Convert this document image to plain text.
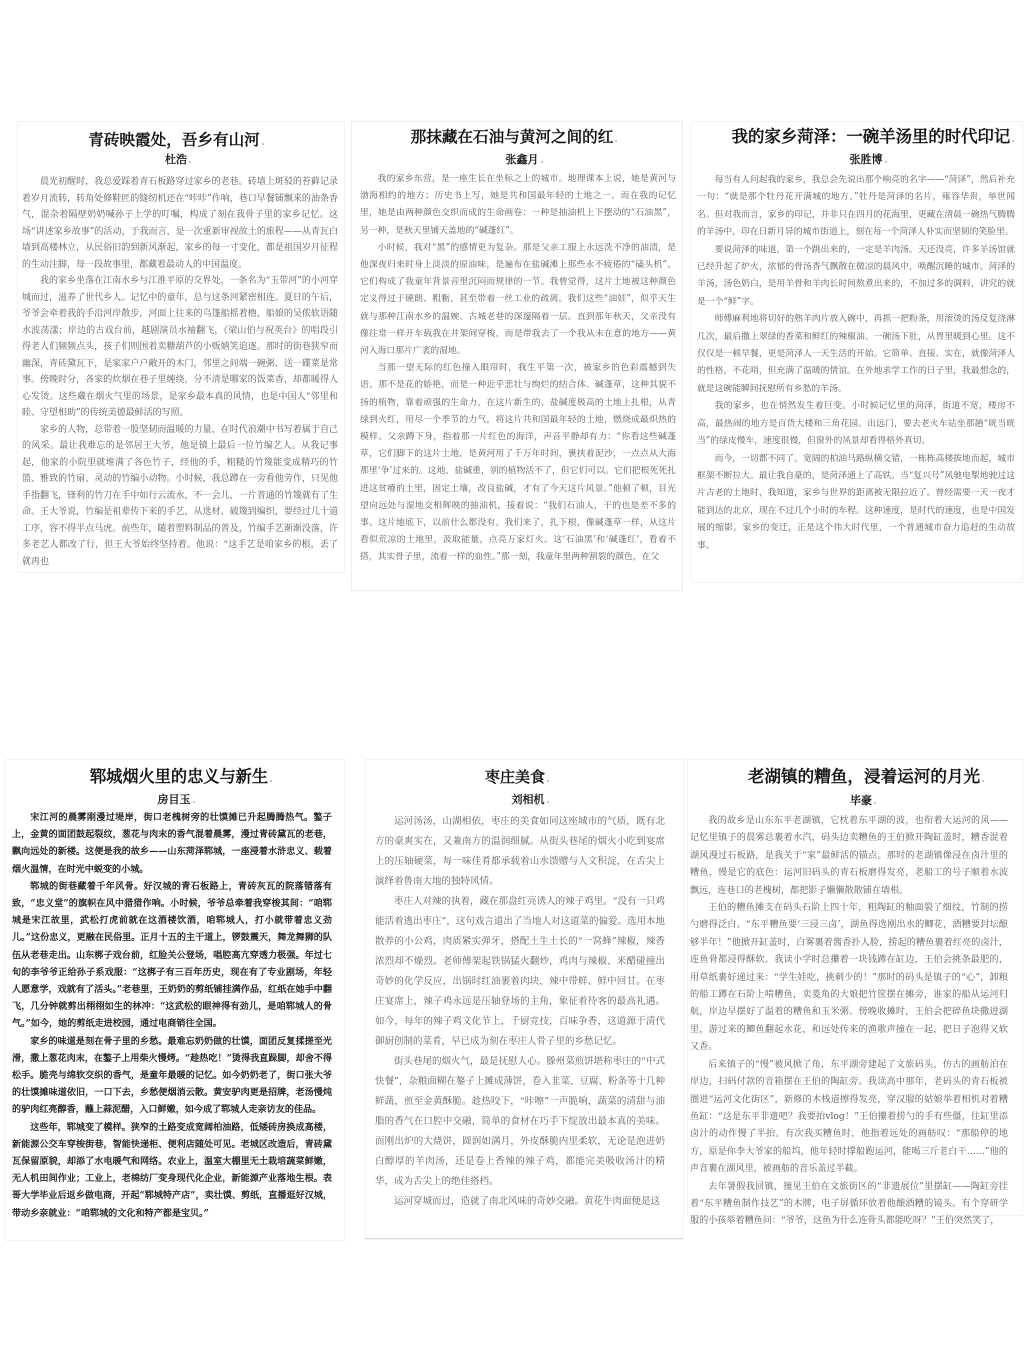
青砖映霞处，吾乡有山河
杜浩

晨光初醒时，我总爱踩着青石板路穿过家乡的老巷。砖墙上斑驳的苔藓记录着岁月流转，转角处修鞋匠的缝纫机还在“咔咔”作响，巷口早餐铺飘来的油条香气，混杂着隔壁奶奶喊孙子上学的叮嘱，构成了刻在我骨子里的家乡记忆。这场“讲述家乡故事”的活动，于我而言，是一次重新审视故土的旅程——从青瓦白墙到高楼林立，从民俗旧韵到新风渐起，家乡的每一寸变化，都是祖国岁月征程的生动注脚，每一段故事里，都藏着最动人的中国温度。

我的家乡坐落在江南水乡与江淮平原的交界处，一条名为“玉带河”的小河穿城而过，滋养了世代乡人。记忆中的童年，总与这条河紧密相连。夏日的午后，爷爷会牵着我的手沿河岸散步，河面上往来的乌篷船摇着橹，船娘的吴侬软语随水波荡漾；岸边的古戏台前，越剧演员水袖翻飞，《梁山伯与祝英台》的唱段引得老人们频频点头，孩子们则围着卖糖葫芦的小贩嬉笑追逐。那时的街巷狭窄而幽深，青砖黛瓦下，是家家户户敞开的木门，邻里之间端一碗粥、送一碟菜是常事。傍晚时分，各家的炊烟在巷子里缠绕，分不清是哪家的饭菜香，却都暖得人心发烫。这些藏在烟火气里的场景，是家乡最本真的风情，也是中国人“邻里和睦、守望相助”的传统美德最鲜活的写照。

家乡的人物，总带着一股坚韧而温暖的力量，在时代浪潮中书写着属于自己的风采。最让我难忘的是邻居王大爷，他是镇上最后一位竹编艺人。从我记事起，他家的小院里就堆满了各色竹子，经他的手，粗糙的竹篾能变成精巧的竹篮、雅致的竹扇、灵动的竹编小动物。小时候，我总蹲在一旁看他劳作，只见他手指翻飞，锋利的竹刀在手中如行云流水，不一会儿，一片普通的竹篾就有了生命。王大爷说，竹编是祖辈传下来的手艺，从选材、破篾到编织，要经过几十道工序，容不得半点马虎。前些年，随着塑料制品的普及，竹编手艺渐渐没落，许多老艺人都改了行，但王大爷始终坚持着。他说：“这手艺是咱家乡的根，丢了就再也

那抹藏在石油与黄河之间的红
张鑫月

我的家乡东营，是一座生长在坐标之上的城市。地理课本上说，她是黄河与渤海相约的地方；历史书上写，她是共和国最年轻的土地之一。而在我的记忆里，她是由两种颜色交织而成的生命画卷：一种是抽油机上下摆动的“石油黑”，另一种，是秋天里铺天盖地的“碱蓬红”。

小时候，我对“黑”的感情更为复杂。那是父亲工服上永远洗不净的油渍，是他深夜归来时身上淡淡的原油味，是遍布在盐碱滩上那些永不疲倦的“磕头机”。它们构成了我童年背景音里沉闷而规律的一节。我曾觉得，这片土地被这种颜色定义得过于硬朗、粗粝，甚至带着一丝工业的疏离。我们这些“油娃”，似乎天生就与那种江南水乡的温婉、古城老巷的深邃隔着一层。直到那年秋天，父亲没有像往常一样开车载我在井架间穿梭，而是带我去了一个我从未在意的地方——黄河入海口那片广袤的湿地。

当那一望无际的红色撞入眼帘时，我生平第一次，被家乡的色彩震撼到失语。那不是花的娇艳，而是一种近乎悲壮与绚烂的结合体。碱蓬草，这种其貌不扬的植物，靠着顽强的生命力，在这片新生的、盐碱度极高的土地上扎根，从青绿到火红，用尽一个季节的力气，将这片共和国最年轻的土地，燃烧成最炽热的模样。父亲蹲下身，指着那一片红色的海洋，声音平静却有力：“你看这些碱蓬草，它们脚下的这片土地，是黄河用了千万年时间，裹挟着泥沙，一点点从大海那里‘争’过来的。这地，盐碱重，别的植物活不了，但它们可以。它们把根死死扎进这贫瘠的土里，固定土壤，改良盐碱，才有了今天这片风景。”他顿了顿，目光望向远处与湿地交相辉映的抽油机，接着说：“我们石油人，干的也是差不多的事。这片地底下，以前什么都没有。我们来了，扎下根，像碱蓬草一样，从这片看似荒凉的土地里，汲取能量，点亮万家灯火。这‘石油黑’和‘碱蓬红’，看着不搭，其实骨子里，流着一样的血性。”那一刻，我童年里两种割裂的颜色，在父

我的家乡菏泽：一碗羊汤里的时代印记
张胜博

每当有人问起我的家乡，我总会先说出那个响亮的名字——“菏泽”，然后补充一句：“就是那个牡丹花开满城的地方。”牡丹是菏泽的名片，雍容华贵，举世闻名。但对我而言，家乡的印记，并非只在四月的花海里，更藏在清晨一碗热气腾腾的羊汤中，印在日新月异的城市街道上，刻在每一个菏泽人朴实而坚韧的笑脸里。

要说菏泽的味道，第一个跳出来的，一定是羊肉汤。天还没亮，许多羊汤馆就已经升起了炉火，浓郁的骨汤香气飘散在微凉的晨风中，唤醒沉睡的城市。菏泽的羊汤，汤色奶白，是用羊骨和羊肉长时间熬煮出来的，不加过多的调料，讲究的就是一个“鲜”字。

师傅麻利地将切好的熟羊肉片放入碗中，再抓一把粉条，用滚烫的汤反复浇淋几次，最后撒上翠绿的香菜和鲜红的辣椒油。一碗汤下肚，从胃里暖到心里。这不仅仅是一顿早餐，更是菏泽人一天生活的开始。它简单、直接、实在，就像菏泽人的性格，不花哨，但充满了温暖的情谊。在外地求学工作的日子里，我最想念的，就是这碗能瞬间抚慰所有乡愁的羊汤。

我的家乡，也在悄然发生着巨变。小时候记忆里的菏泽，街道不宽，楼房不高，最热闹的地方是百货大楼和三角花园。出远门，要去老火车站坐那趟“咣当咣当”的绿皮慢车，速度很慢，但窗外的风景却看得格外真切。

而今，一切都不同了。宽阔的柏油马路纵横交错，一栋栋高楼拔地而起，城市框架不断拉大。最让我自豪的，是菏泽通上了高铁。当“复兴号”风驰电掣地驶过这片古老的土地时，我知道，家乡与世界的距离被无限拉近了。曾经需要一天一夜才能到达的北京，现在不过几个小时的车程。这种速度，是时代的速度，也是中国发展的缩影。家乡的变迁，正是这个伟大时代里，一个普通城市奋力追赶的生动故事。

郓城烟火里的忠义与新生
房目玉

宋江河的晨雾刚漫过堤岸，街口老槐树旁的壮馍摊已升起腾腾热气。鏊子上，金黄的面团鼓起裂纹，葱花与肉末的香气混着晨雾，漫过青砖黛瓦的老巷，飘向远处的新楼。这便是我的故乡——山东菏泽郓城，一座浸着水浒忠义、载着烟火温情，在时光中蜕变的小城。

郓城的街巷藏着千年风骨。好汉城的青石板路上，青砖灰瓦的院落错落有致，“忠义堂”的旗帜在风中猎猎作响。小时候，爷爷总牵着我穿梭其间：“咱郓城是宋江故里，武松打虎前就在这酒楼饮酒，咱郓城人，打小就带着忠义劲儿。”这份忠义，更融在民俗里。正月十五的主干道上，锣鼓震天，舞龙舞狮的队伍从老巷走出。山东梆子戏台前，红脸关公登场，唱腔高亢穿透力极强。年过七旬的李爷爷正给孙子系戏服：“这梆子有三百年历史，现在有了专业剧场，年轻人愿意学，戏就有了活头。”老巷里，王奶奶的剪纸铺挂满作品，红纸在她手中翻飞，几分钟就剪出栩栩如生的林冲：“这武松的眼神得有劲儿，是咱郓城人的骨气。”如今，她的剪纸走进校园，通过电商销往全国。

家乡的味道是刻在骨子里的乡愁。最难忘奶奶做的壮馍，面团反复揉搓至光滑，撒上葱花肉末，在鏊子上用柴火慢烤。“趁热吃！”烫得我直跺脚，却舍不得松手。脆壳与绵软交织的香气，是童年最暖的记忆。如今奶奶老了，街口张大爷的壮馍摊味道依旧，一口下去，乡愁便烟消云散。黄安驴肉更是招牌，老汤慢炖的驴肉红亮醇香，蘸上蒜泥醋，入口鲜嫩，如今成了郓城人走亲访友的佳品。

这些年，郓城变了模样。狭窄的土路变成宽阔柏油路，低矮砖房换成高楼，新能源公交车穿梭街巷，智能快递柜、便利店随处可见。老城区改造后，青砖黛瓦保留原貌，却添了水电暖气和网络。农业上，温室大棚里无土栽培蔬菜鲜嫩，无人机田间作业；工业上，老棉纺厂变身现代化企业，新能源产业落地生根。表哥大学毕业后返乡做电商，开起“郓城特产店”，卖壮馍、剪纸，直播逛好汉城，带动乡亲就业：“咱郓城的文化和特产都是宝贝。”

枣庄美食
刘相机

运河汤汤，山湖相依，枣庄的美食如同这座城市的气质，既有北方的豪爽实在，又兼南方的温润细腻。从街头巷尾的烟火小吃到宴席上的压轴硬菜，每一味佳肴都承载着山水馈赠与人文积淀，在舌尖上演绎着鲁南大地的独特风情。

枣庄人对辣的执着，藏在那盘红亮诱人的辣子鸡里。“没有一只鸡能活着逃出枣庄”，这句戏言道出了当地人对这道菜的偏爱。选用本地散养的小公鸡，肉质紧实弹牙，搭配土生土长的“一窝蜂”辣椒，辣香浓烈却不燥烈。老师傅架起铁锅猛火翻炒，鸡肉与辣椒、米醋碰撞出奇妙的化学反应，出锅时红油裹着肉块，辣中带鲜、鲜中回甘。在枣庄宴席上，辣子鸡永远是压轴登场的主角，象征着待客的最高礼遇。如今，每年的辣子鸡文化节上，千厨竞技，百味争香，这道源于清代御厨创制的菜肴，早已成为刻在枣庄人骨子里的乡愁记忆。

街头巷尾的烟火气，最是抚慰人心。滕州菜煎饼堪称枣庄的“中式快餐”，杂粮面糊在鏊子上摊成薄饼，卷入韭菜、豆腐、粉条等十几种鲜蔬，煎至金黄酥脆。趁热咬下，“咔嚓”一声脆响，蔬菜的清甜与油脂的香气在口腔中交融，简单的食材在巧手下绽放出最本真的美味。而刚出炉的大烧饼，圆润如满月，外皮酥脆内里柔软，无论是泡进奶白醇厚的羊肉汤，还是卷上香辣的辣子鸡，都能完美吸收汤汁的精华，成为舌尖上的绝佳搭档。

运河穿城而过，造就了南北风味的奇妙交融。黄花牛肉面便是这

老湖镇的糟鱼，浸着运河的月光
毕豪

我的故乡是山东东平老湖镇，它枕着东平湖的波，也衔着大运河的风——记忆里镇子的晨雾总裹着水汽，码头边卖糟鱼的王伯掀开陶缸盖时，糟香混着湖风漫过石板路，是我关于“家”最鲜活的锚点。那时的老湖镇像浸在卤汁里的糟鱼，慢是它的底色：运河旧码头的青石板磨得发亮，老船工的号子顺着水波飘远，连巷口的老槐树，都把影子懒懒散散铺在墙根。

王伯的糟鱼摊支在码头石阶上四十年，粗陶缸的釉面裂了细纹，竹制的捞勺磨得泛白。“东平糟鱼要‘三浸三卤’，湖鱼得选刚出水的鲫花，酒糟要封坛酿够半年！”他掀开缸盖时，白雾裹着酱香扑人脸，捞起的糟鱼裹着红亮的卤汁，连鱼骨都浸得酥软。我读小学时总攥着一块钱蹲在缸边，王伯会挑条最肥的，用草纸裹好递过来：“学生娃吃，挑刺少的！”那时的码头是镇子的“心”，卸粮的船工蹲在石阶上啃糟鱼，卖菱角的大娘把竹筐摆在摊旁，谁家的船从运河归航，岸边早摆好了温着的糟鱼和玉米粥。傍晚收摊时，王伯会把碎鱼块撒进湖里，游过来的鲫鱼翻起水花，和远处传来的渔歌声撞在一起，把日子泡得又软又香。

后来镇子的“慢”被风掀了角，东平湖旁建起了文旅码头，仿古的画舫泊在岸边，扫码付款的音箱摆在王伯的陶缸旁。我读高中那年，老码头的青石板被圈进“运河文化街区”，新修的木栈道擦得发亮，穿汉服的姑娘举着相机对着糟鱼缸：“这是东平非遗吧？我要拍vlog！”王伯攥着捞勺的手有些僵，往缸里添卤汁的动作慢了半拍。有次我买糟鱼时，他指着远处的画舫叹：“那船停的地方，原是你李大爷家的船坞，他年轻时撑船跑运河，能喝三斤老白干……”他的声音裹在湖风里，被画舫的音乐盖过半截。

去年暑假我回镇，撞见王伯在文旅街区的“非遗展位”里摆缸——陶缸旁挂着“东平糟鱼制作技艺”的木牌，电子屏循环放着他酿酒糟的镜头。有个穿研学服的小孩举着糟鱼问：“爷爷，这鱼为什么连骨头都能吃呀？”王伯突然笑了，
